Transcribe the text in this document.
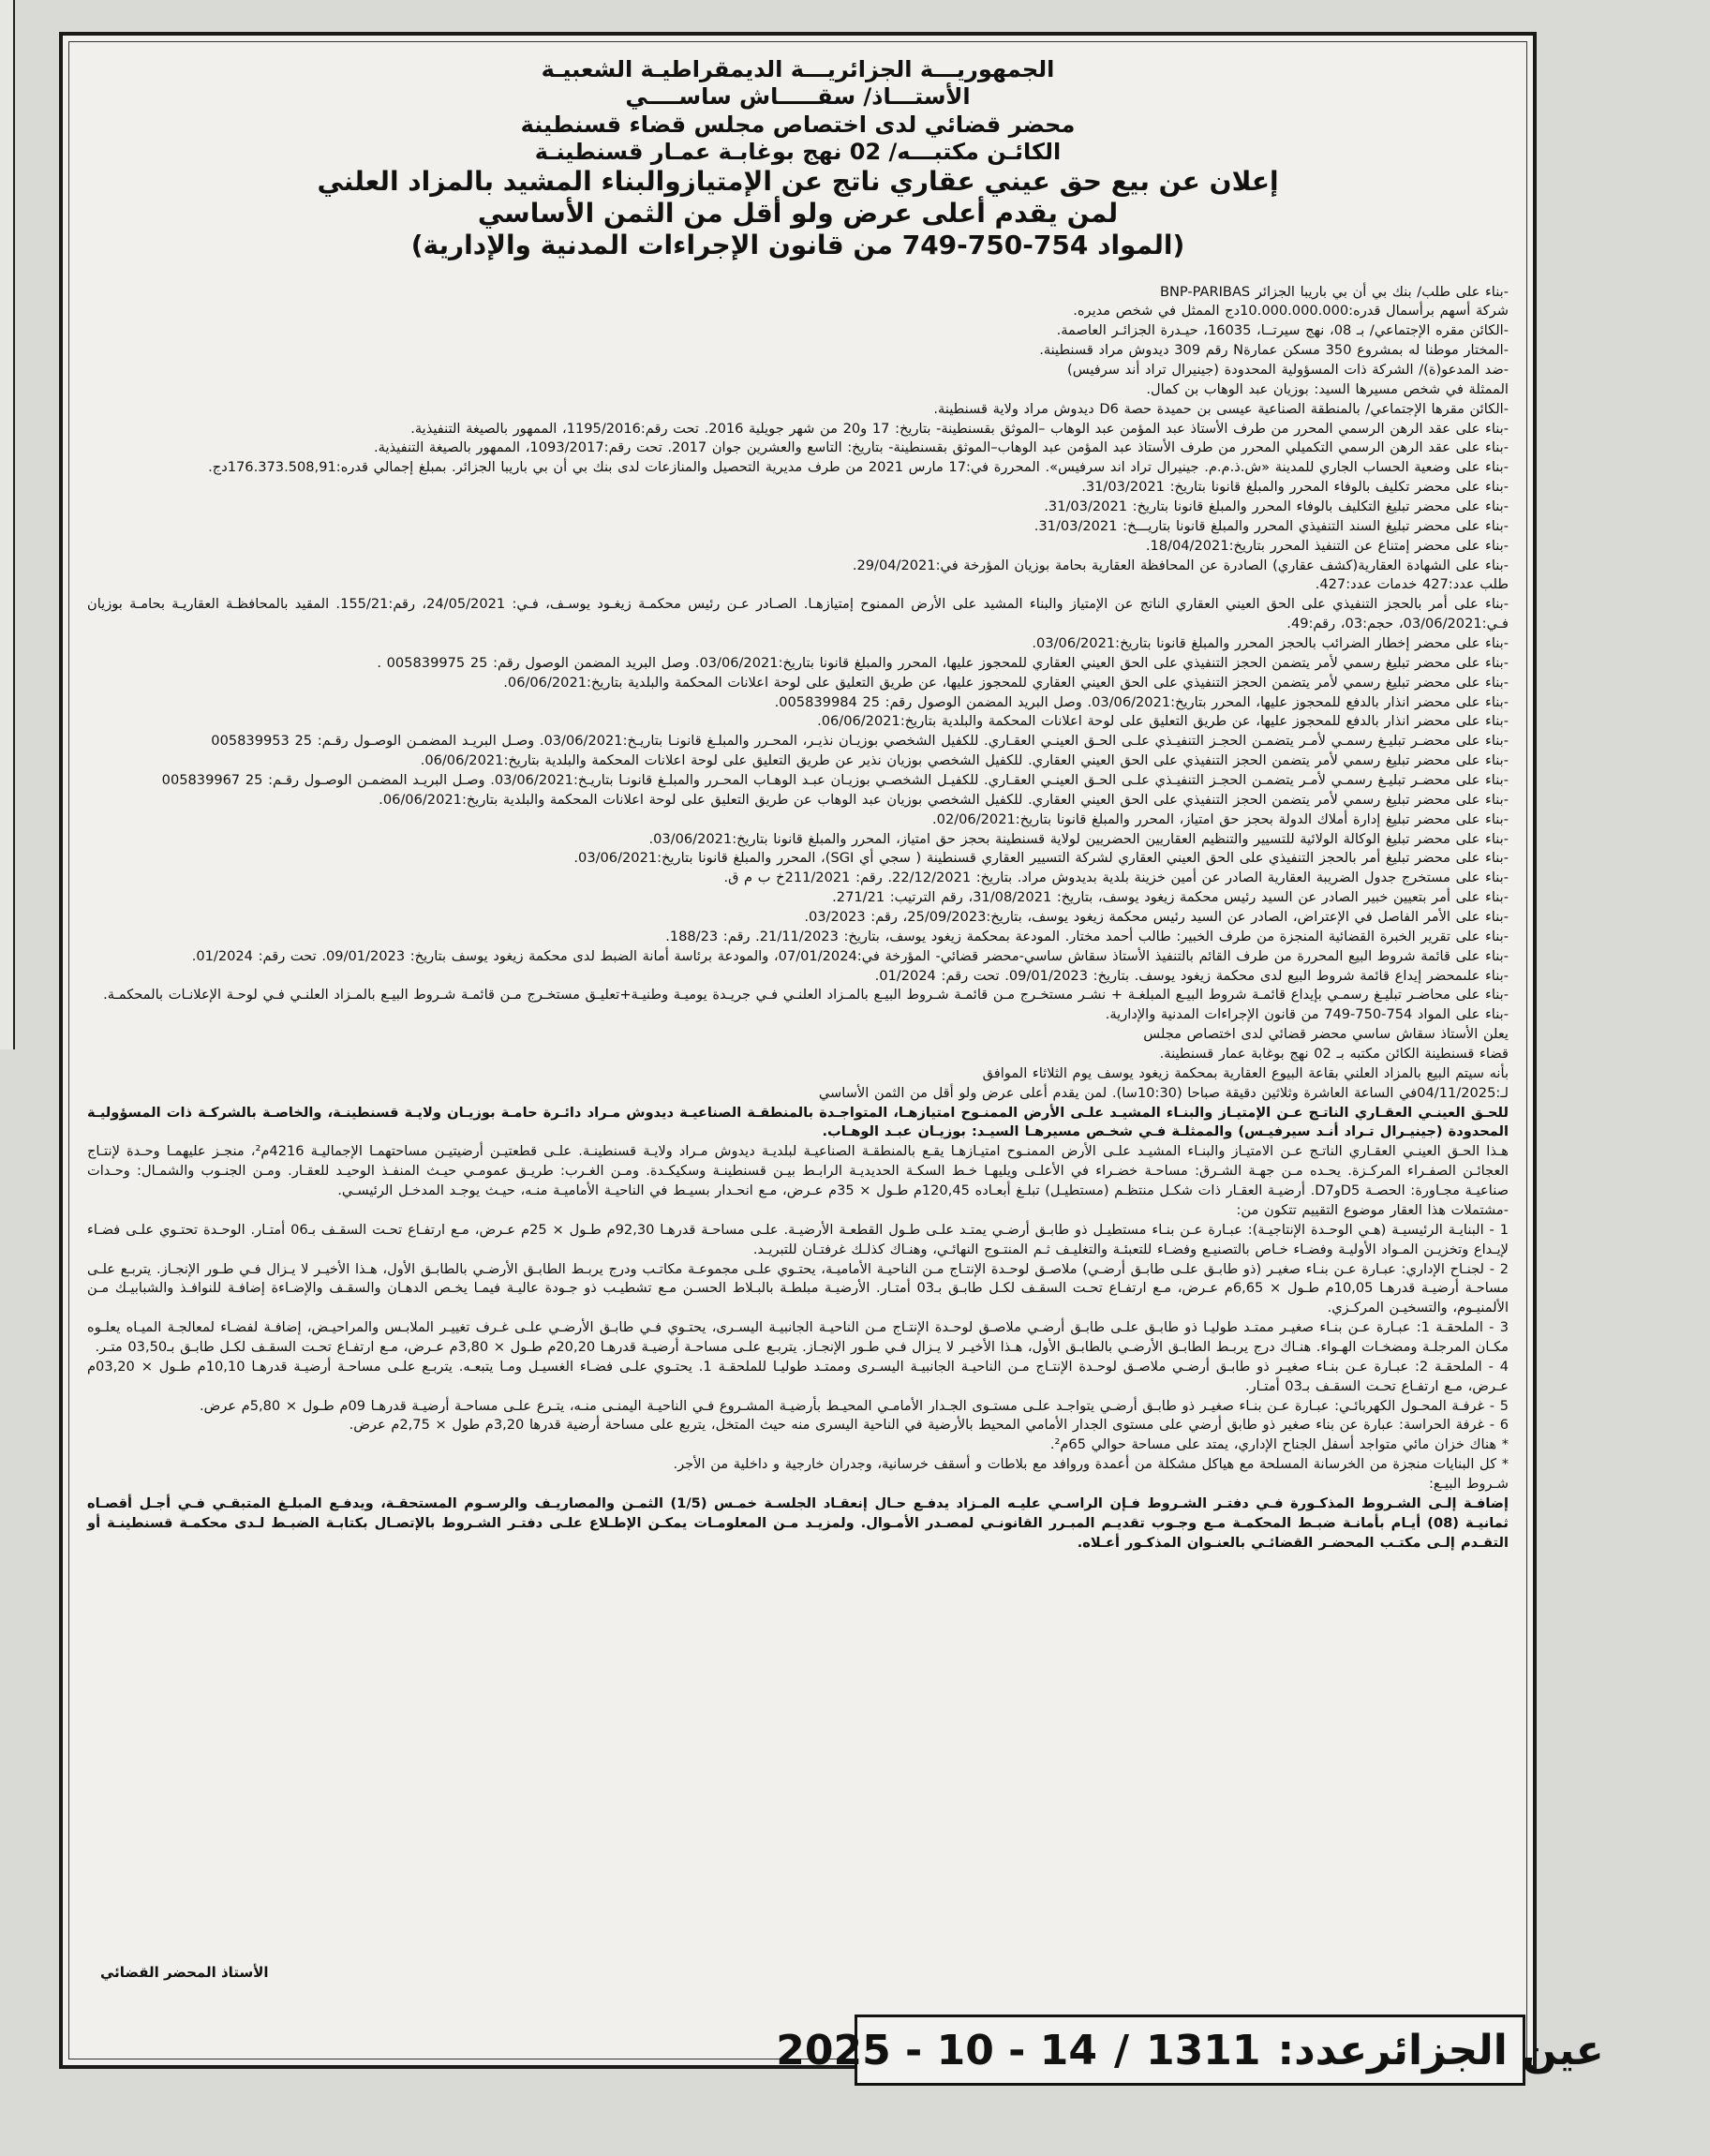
الجمهوريـــة الجزائريـــة الديمقراطيـة الشعبيـة
الأستـــاذ/ سقـــــاش ساســــي
محضر قضائي لدى اختصاص مجلس قضاء قسنطينة
الكائـن مكتبـــه/ 02 نهج بوغابـة عمـار قسنطينـة
إعلان عن بيع حق عيني عقاري ناتج عن الإمتيازوالبناء المشيد بالمزاد العلني
لمن يقدم أعلى عرض ولو أقل من الثمن الأساسي
(المواد 754-750-749 من قانون الإجراءات المدنية والإدارية)

-بناء على طلب/ بنك بي أن بي باريبا الجزائر BNP-PARIBAS

شركة أسهم برأسمال قدره:10.000.000.000دج الممثل في شخص مديره.

-الكائن مقره الإجتماعي/ بـ 08، نهج سيرتــا، 16035، حيـدرة الجزائـر العاصمة.

-المختار موطنا له بمشروع 350 مسكن عمارةN رقم 309 ديدوش مراد قسنطينة.

-ضد المدعو(ة)/ الشركة ذات المسؤولية المحدودة (جينيرال تراد أند سرفيس)

الممثلة في شخص مسيرها السيد: بوزيان عبد الوهاب بن كمال.

-الكائن مقرها الإجتماعي/ بالمنطقة الصناعية عيسى بن حميدة حصة D6 ديدوش مراد ولاية قسنطينة.

-بناء على عقد الرهن الرسمي المحرر من طرف الأستاذ عبد المؤمن عبد الوهاب –الموثق بقسنطينة- بتاريخ: 17 و20 من شهر جويلية 2016. تحت رقم:1195/2016، الممهور بالصيغة التنفيذية.

-بناء على عقد الرهن الرسمي التكميلي المحرر من طرف الأستاذ عبد المؤمن عبد الوهاب–الموثق بقسنطينة- بتاريخ: التاسع والعشرين جوان 2017. تحت رقم:1093/2017، الممهور بالصيغة التنفيذية.

-بناء على وضعية الحساب الجاري للمدينة «ش.ذ.م.م. جينيرال تراد اند سرفيس». المحررة في:17 مارس 2021 من طرف مديرية التحصيل والمنازعات لدى بنك بي أن بي باريبا الجزائر. بمبلغ إجمالي قدره:176.373.508,91دج.

-بناء على محضر تكليف بالوفاء المحرر والمبلغ قانونا بتاريخ: 31/03/2021.

-بناء على محضر تبليغ التكليف بالوفاء المحرر والمبلغ قانونا بتاريخ: 31/03/2021.

-بناء على محضر تبليغ السند التنفيذي المحرر والمبلغ قانونا بتاريـــخ: 31/03/2021.

-بناء على محضر إمتناع عن التنفيذ المحرر بتاريخ:18/04/2021.

-بناء على الشهادة العقارية(كشف عقاري) الصادرة عن المحافظة العقارية بحامة بوزيان المؤرخة في:29/04/2021.

طلب عدد:427 خدمات عدد:427.

-بناء على أمر بالحجز التنفيذي على الحق العيني العقاري الناتج عن الإمتياز والبناء المشيد على الأرض الممنوح إمتيازهـا. الصـادر عـن رئيس محكمـة زيغـود يوسـف، فـي: 24/05/2021، رقم:155/21. المقيد بالمحافظـة العقاريـة بحامـة بوزيان فـي:03/06/2021، حجم:03، رقم:49.

-بناء على محضر إخطار الضرائب بالحجز المحرر والمبلغ قانونا بتاريخ:03/06/2021.

-بناء على محضر تبليغ رسمي لأمر يتضمن الحجز التنفيذي على الحق العيني العقاري للمحجوز عليها، المحرر والمبلغ قانونا بتاريخ:03/06/2021. وصل البريد المضمن الوصول رقم: 25 005839975 .

-بناء على محضر تبليغ رسمي لأمر يتضمن الحجز التنفيذي على الحق العيني العقاري للمحجوز عليها، عن طريق التعليق على لوحة اعلانات المحكمة والبلدية بتاريخ:06/06/2021.

-بناء على محضر انذار بالدفع للمحجوز عليها، المحرر بتاريخ:03/06/2021. وصل البريد المضمن الوصول رقم: 25 005839984.

-بناء على محضر انذار بالدفع للمحجوز عليها، عن طريق التعليق على لوحة اعلانات المحكمة والبلدية بتاريخ:06/06/2021.

-بناء على محضـر تبليـغ رسمـي لأمـر يتضمـن الحجـز التنفيـذي علـى الحـق العينـي العقـاري. للكفيل الشخصي بوزيـان نذيـر، المحـرر والمبلـغ قانونـا بتاريـخ:03/06/2021. وصـل البريـد المضمـن الوصـول رقـم: 25 005839953

-بناء على محضر تبليغ رسمي لأمر يتضمن الحجز التنفيذي على الحق العيني العقاري. للكفيل الشخصي بوزيان نذير عن طريق التعليق على لوحة اعلانات المحكمة والبلدية بتاريخ:06/06/2021.

-بناء على محضـر تبليـغ رسمـي لأمـر يتضمـن الحجـز التنفيـذي علـى الحـق العينـي العقـاري. للكفيـل الشخصـي بوزيـان عبـد الوهـاب المحـرر والمبلـغ قانونـا بتاريـخ:03/06/2021. وصـل البريـد المضمـن الوصـول رقـم: 25 005839967

-بناء على محضر تبليغ رسمي لأمر يتضمن الحجز التنفيذي على الحق العيني العقاري. للكفيل الشخصي بوزيان عبد الوهاب عن طريق التعليق على لوحة اعلانات المحكمة والبلدية بتاريخ:06/06/2021.

-بناء على محضر تبليغ إدارة أملاك الدولة بحجز حق امتياز، المحرر والمبلغ قانونا بتاريخ:02/06/2021.

-بناء على محضر تبليغ الوكالة الولائية للتسيير والتنظيم العقاريين الحضريين لولاية قسنطينة بحجز حق امتياز، المحرر والمبلغ قانونا بتاريخ:03/06/2021.

-بناء على محضر تبليغ أمر بالحجز التنفيذي على الحق العيني العقاري لشركة التسيير العقاري قسنطينة ( سجي أي SGI)، المحرر والمبلغ قانونا بتاريخ:03/06/2021.

-بناء على مستخرج جدول الضريبة العقارية الصادر عن أمين خزينة بلدية بديدوش مراد. بتاريخ: 22/12/2021. رقم: 211/2021خ ب م ق.

-بناء على أمر بتعيين خبير الصادر عن السيد رئيس محكمة زيغود يوسف، بتاريخ: 31/08/2021، رقم الترتيب: 271/21.

-بناء على الأمر الفاصل في الإعتراض، الصادر عن السيد رئيس محكمة زيغود يوسف، بتاريخ:25/09/2023، رقم: 03/2023.

-بناء على تقرير الخبرة القضائية المنجزة من طرف الخبير: طالب أحمد مختار. المودعة بمحكمة زيغود يوسف، بتاريخ: 21/11/2023. رقم: 188/23.

-بناء على قائمة شروط البيع المحررة من طرف القائم بالتنفيذ الأستاذ سقاش ساسي-محضر قضائي- المؤرخة في:07/01/2024، والمودعة برئاسة أمانة الضبط لدى محكمة زيغود يوسف بتاريخ: 09/01/2023. تحت رقم: 01/2024.

-بناء علىمحضر إيداع قائمة شروط البيع لدى محكمة زيغود يوسف. بتاريخ: 09/01/2023. تحت رقم: 01/2024.

-بناء على محاضـر تبليـغ رسمـي بإيداع قائمـة شروط البيـع المبلغـة + نشـر مستخـرج مـن قائمـة شـروط البيـع بالمـزاد العلنـي فـي جريـدة يوميـة وطنيـة+تعليـق مستخـرج مـن قائمـة شـروط البيـع بالمـزاد العلنـي فـي لوحـة الإعلانـات بالمحكمـة.

-بناء على المواد 754-750-749 من قانون الإجراءات المدنية والإدارية.

يعلن الأستاذ سقاش ساسي محضر قضائي لدى اختصاص مجلس

قضاء قسنطينة الكائن مكتبه بـ 02 نهج بوغابة عمار قسنطينة.

بأنه سيتم البيع بالمزاد العلني بقاعة البيوع العقارية بمحكمة زيغود يوسف يوم الثلاثاء الموافق

لـ:04/11/2025في الساعة العاشرة وثلاثين دقيقة صباحا (10:30سا). لمن يقدم أعلى عرض ولو أقل من الثمن الأساسي

للحـق العينـي العقـاري الناتـج عـن الإمتيـاز والبنـاء المشيـد علـى الأرض الممنـوح امتيازهـا، المتواجـدة بالمنطقـة الصناعيـة ديدوش مـراد دائـرة حامـة بوزيـان ولايـة قسنطينـة، والخاصـة بالشركـة ذات المسؤوليـة المحدودة (جينيـرال تـراد أنـد سيرفيـس) والممثلـة فـي شخـص مسيرهـا السيـد: بوزيـان عبـد الوهـاب.

هـذا الحـق العينـي العقـاري الناتـج عـن الامتيـاز والبنـاء المشيـد علـى الأرض الممنـوح امتيـازهـا يقـع بالمنطقـة الصناعيـة لبلديـة ديدوش مـراد ولايـة قسنطينـة. علـى قطعتيـن أرضيتيـن مساحتهمـا الإجماليـة 4216م²، منجـز عليهمـا وحـدة لإنتـاج العجائـن الصفـراء المركـزة. يحـده مـن جهـة الشـرق: مساحـة خضـراء في الأعلـى ويليهـا خـط السكـة الحديديـة الرابـط بيـن قسنطينـة وسكيكـدة. ومـن الغـرب: طريـق عمومـي حيـث المنفـذ الوحيـد للعقـار. ومـن الجنـوب والشمـال: وحـدات صناعيـة مجـاورة: الحصـة D5وD7. أرضيـة العقـار ذات شكـل منتظـم (مستطيـل) تبلـغ أبعـاده 120,45م طـول × 35م عـرض، مـع انحـدار بسيـط في الناحيـة الأماميـة منـه، حيـث يوجـد المدخـل الرئيسـي.

-مشتملات هذا العقار موضوع التقييم تتكون من:

1 - البنايـة الرئيسيـة (هـي الوحـدة الإنتاجيـة): عبـارة عـن بنـاء مستطيـل ذو طابـق أرضـي يمتـد علـى طـول القطعـة الأرضيـة. علـى مساحـة قدرهـا 92,30م طـول × 25م عـرض، مـع ارتفـاع تحـت السقـف بـ06 أمتـار. الوحـدة تحتـوي علـى فضـاء لإيـداع وتخزيـن المـواد الأوليـة وفضـاء خـاص بالتصنيـع وفضـاء للتعبئـة والتغليـف ثـم المنتـوج النهائـي، وهنـاك كذلـك غرفتـان للتبريـد.

2 - لجنـاح الإداري: عبـارة عـن بنـاء صغيـر (ذو طابـق علـى طابـق أرضـي) ملاصـق لوحـدة الإنتـاج مـن الناحيـة الأماميـة، يحتـوي علـى مجموعـة مكاتـب ودرج يربـط الطابـق الأرضـي بالطابـق الأول، هـذا الأخيـر لا يـزال فـي طـور الإنجـاز. يتربـع علـى مساحـة أرضيـة قدرهـا 10,05م طـول × 6,65م عـرض، مـع ارتفـاع تحـت السقـف لكـل طابـق بـ03 أمتـار. الأرضيـة مبلطـة بالبـلاط الحسـن مـع تشطيـب ذو جـودة عاليـة فيمـا يخـص الدهـان والسقـف والإضـاءة إضافـة للنوافـذ والشبابيـك مـن الألمنيـوم، والتسخيـن المركـزي.

3 - الملحقـة 1: عبـارة عـن بنـاء صغيـر ممتـد طوليـا ذو طابـق علـى طابـق أرضـي ملاصـق لوحـدة الإنتـاج مـن الناحيـة الجانبيـة اليسـرى، يحتـوي فـي طابـق الأرضـي علـى غـرف تغييـر الملابـس والمراحيـض، إضافـة لفضـاء لمعالجـة الميـاه يعلـوه مكـان المرجلـة ومضخـات الهـواء. هنـاك درج يربـط الطابـق الأرضـي بالطابـق الأول، هـذا الأخيـر لا يـزال فـي طـور الإنجـاز. يتربـع علـى مساحـة أرضيـة قدرهـا 20,20م طـول × 3,80م عـرض، مـع ارتفـاع تحـت السقـف لكـل طابـق بـ03,50 متـر.

4 - الملحقـة 2: عبـارة عـن بنـاء صغيـر ذو طابـق أرضـي ملاصـق لوحـدة الإنتـاج مـن الناحيـة الجانبيـة اليسـرى وممتـد طوليـا للملحقـة 1. يحتـوي علـى فضـاء الغسيـل ومـا يتبعـه. يتربـع علـى مساحـة أرضيـة قدرهـا 10,10م طـول × 03,20م عـرض، مـع ارتفـاع تحـت السقـف بـ03 أمتـار.

5 - غرفـة المحـول الكهربائـي: عبـارة عـن بنـاء صغيـر ذو طابـق أرضـي يتواجـد علـى مستـوى الجـدار الأمامـي المحيـط بأرضيـة المشـروع فـي الناحيـة اليمنـى منـه، يتـرع علـى مساحـة أرضيـة قدرهـا 09م طـول × 5,80م عرض.

6 - غرفة الحراسة: عبارة عن بناء صغير ذو طابق أرضي على مستوى الجدار الأمامي المحيط بالأرضية في الناحية اليسرى منه حيث المتخل، يتربع على مساحة أرضية قدرها 3,20م طول × 2,75م عرض.

* هناك خزان مائي متواجد أسفل الجناح الإداري، يمتد على مساحة حوالي 65م².

* كل البنايات منجزة من الخرسانة المسلحة مع هياكل مشكلة من أعمدة وروافد مع بلاطات و أسقف خرسانية، وجدران خارجية و داخلية من الأجر.

شـروط البيـع:

إضافـة إلـى الشـروط المذكـورة فـي دفتـر الشـروط فـإن الراسـي عليـه المـزاد يدفـع حـال إنعقـاد الجلسـة خمـس (1/5) الثمـن والمصاريـف والرسـوم المستحقـة، ويدفـع المبلـغ المتبقـي فـي أجـل أقصـاه ثمانيـة (08) أيـام بأمانـة ضبـط المحكمـة مـع وجـوب تقديـم المبـرر القانونـي لمصـدر الأمـوال. ولمزيـد مـن المعلومـات يمكـن الإطـلاع علـى دفتـر الشـروط بالإتصـال بكتابـة الضبـط لـدى محكمـة قسنطينـة أو التقـدم إلـى مكتـب المحضـر القضائـي بالعنـوان المذكـور أعـلاه.

الأستاذ المحضر القضائي
عين الجزائرعدد:
1311
/
2025 - 10 - 14
